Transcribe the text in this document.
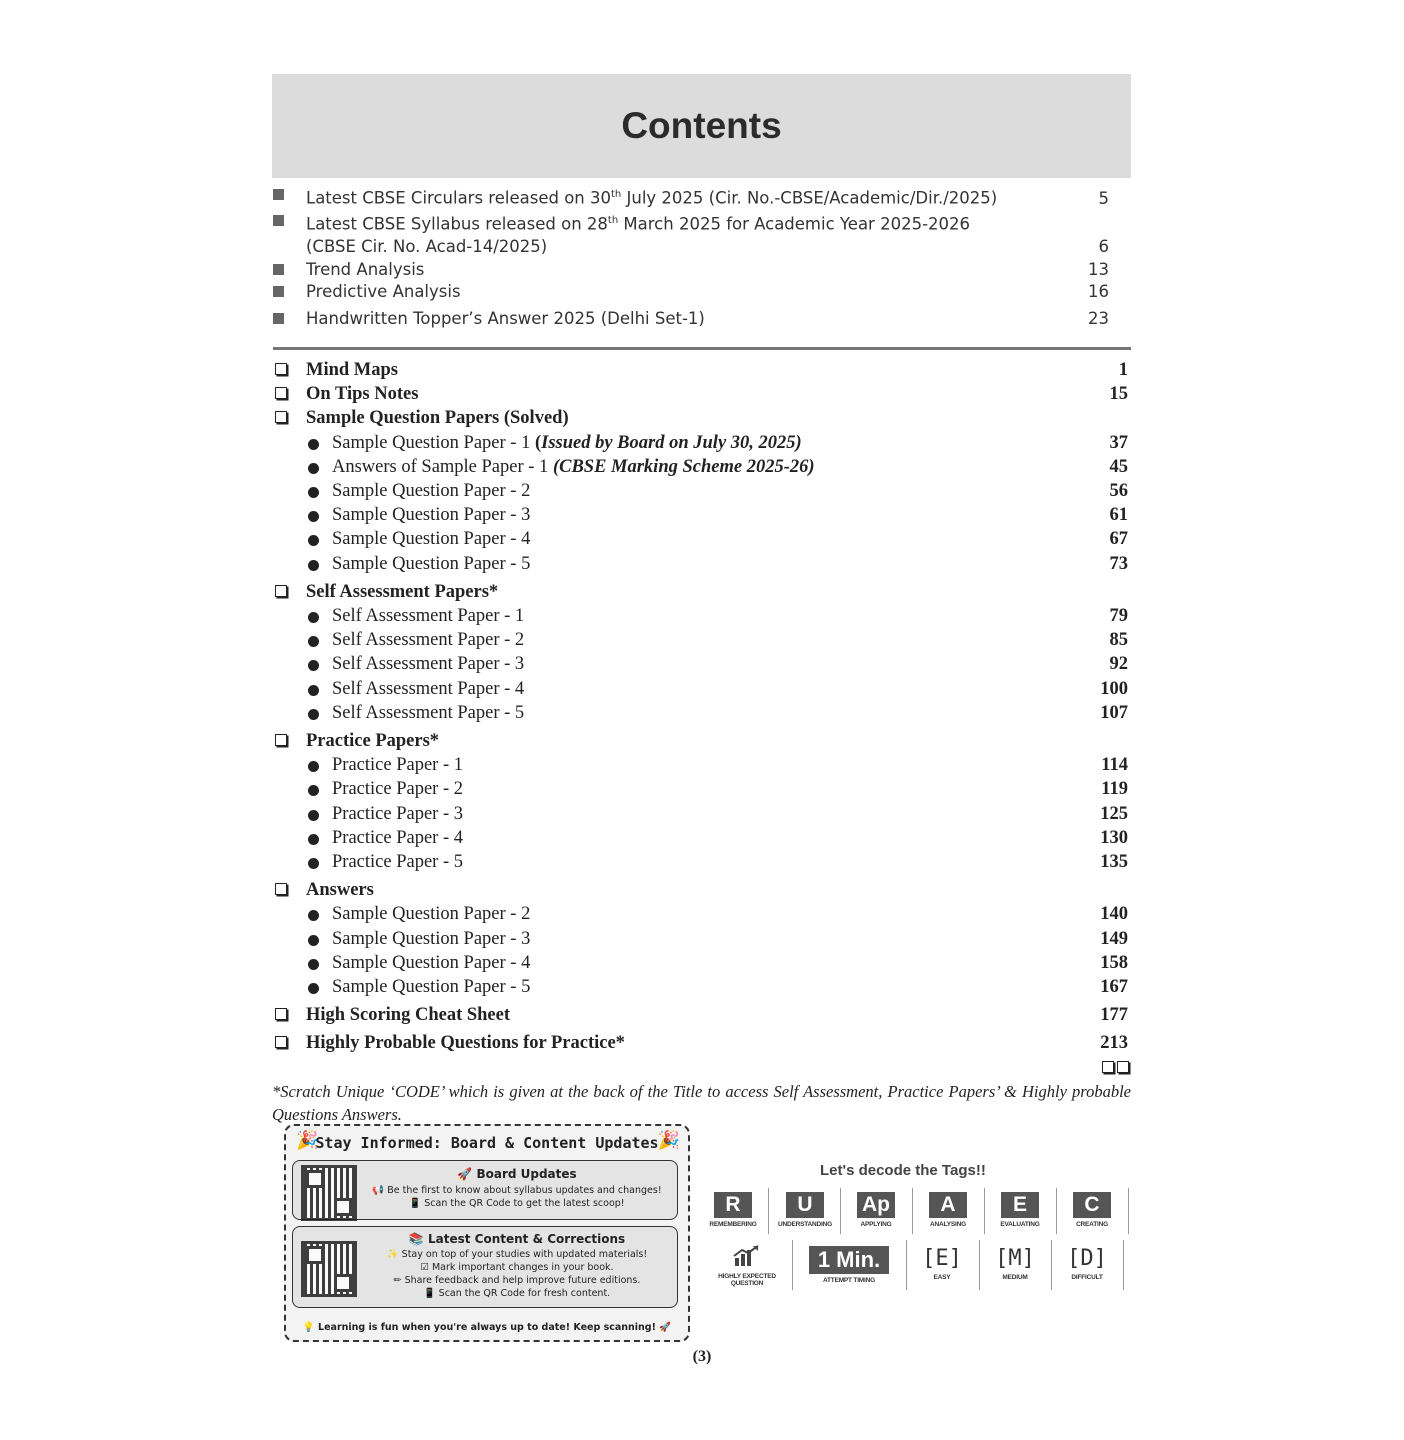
Contents
Latest CBSE Circulars released on 30th July 2025 (Cir. No.-CBSE/Academic/Dir./2025)	5
Latest CBSE Syllabus released on 28th March 2025 for Academic Year 2025-2026
(CBSE Cir. No. Acad-14/2025)	6
Trend Analysis	13
Predictive Analysis	16
Handwritten Topper’s Answer 2025 (Delhi Set-1)	23
Mind Maps	1
On Tips Notes	15
Sample Question Papers (Solved)
Sample Question Paper - 1 (Issued by Board on July 30, 2025)	37
Answers of Sample Paper - 1 (CBSE Marking Scheme 2025-26)	45
Sample Question Paper - 2	56
Sample Question Paper - 3	61
Sample Question Paper - 4	67
Sample Question Paper - 5	73
Self Assessment Papers*
Self Assessment Paper - 1	79
Self Assessment Paper - 2	85
Self Assessment Paper - 3	92
Self Assessment Paper - 4	100
Self Assessment Paper - 5	107
Practice Papers*
Practice Paper - 1	114
Practice Paper - 2	119
Practice Paper - 3	125
Practice Paper - 4	130
Practice Paper - 5	135
Answers
Sample Question Paper - 2	140
Sample Question Paper - 3	149
Sample Question Paper - 4	158
Sample Question Paper - 5	167
High Scoring Cheat Sheet	177
Highly Probable Questions for Practice*	213
*Scratch Unique ‘CODE’ which is given at the back of the Title to access Self Assessment, Practice Papers’ & Highly probable Questions Answers.
🎉	🎉
Stay Informed: Board & Content Updates
🚀 Board Updates
📢 Be the first to know about syllabus updates and changes!
📱 Scan the QR Code to get the latest scoop!
📚 Latest Content & Corrections
✨ Stay on top of your studies with updated materials!
☑ Mark important changes in your book.
✏ Share feedback and help improve future editions.
📱 Scan the QR Code for fresh content.
💡 Learning is fun when you're always up to date! Keep scanning! 🚀
Let's decode the Tags!!
R
REMEMBERING
U
UNDERSTANDING
Ap
APPLYING
A
ANALYSING
E
EVALUATING
C
CREATING
HIGHLY EXPECTED QUESTION
1 Min.
ATTEMPT TIMING
[E]
EASY
[M]
MEDIUM
[D]
DIFFICULT
(3)
